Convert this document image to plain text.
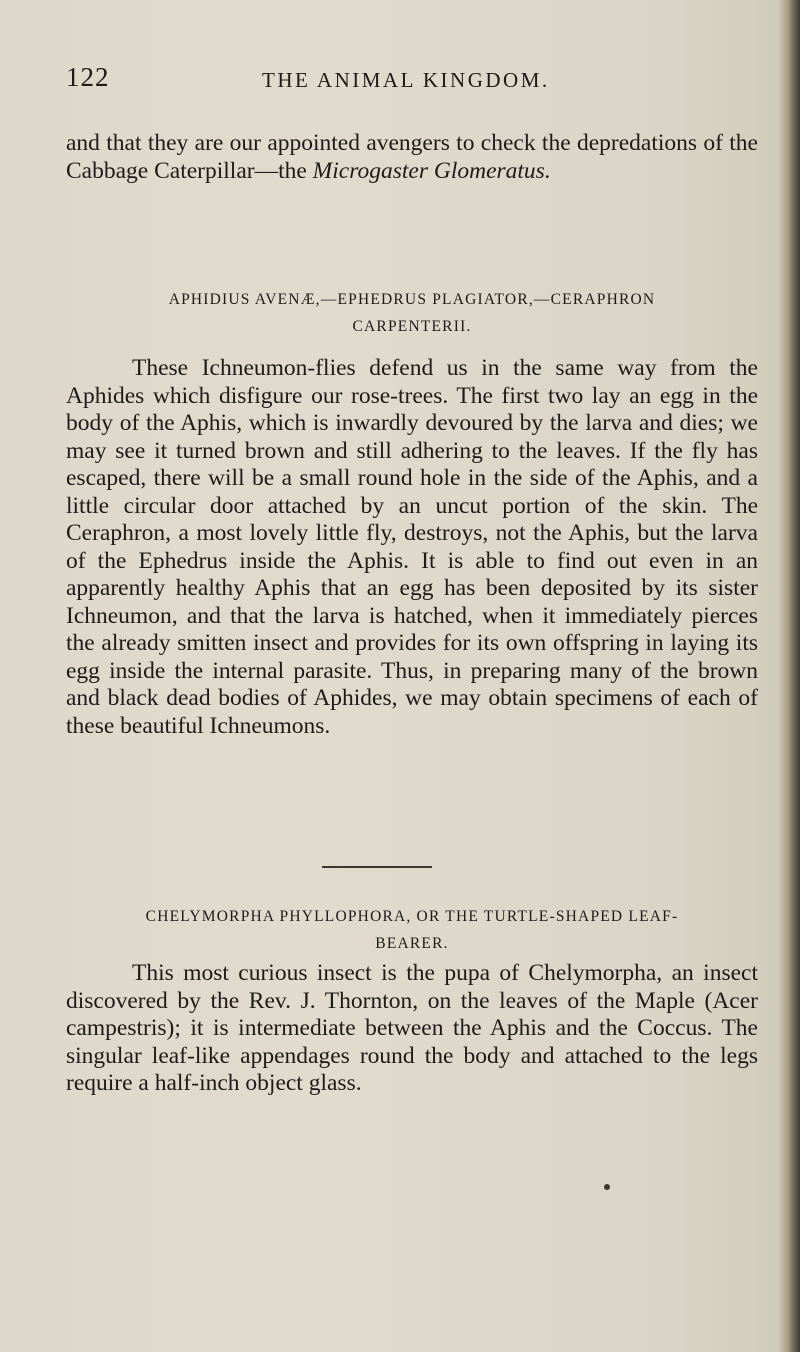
122	THE ANIMAL KINGDOM.
and that they are our appointed avengers to check the depredations of the Cabbage Caterpillar—the Microgaster Glomeratus.
APHIDIUS AVENÆ,—EPHEDRUS PLAGIATOR,—CERAPHRON
CARPENTERII.
These Ichneumon-flies defend us in the same way from the Aphides which disfigure our rose-trees. The first two lay an egg in the body of the Aphis, which is inwardly devoured by the larva and dies; we may see it turned brown and still adhering to the leaves. If the fly has escaped, there will be a small round hole in the side of the Aphis, and a little circular door attached by an uncut portion of the skin. The Ceraphron, a most lovely little fly, destroys, not the Aphis, but the larva of the Ephedrus inside the Aphis. It is able to find out even in an apparently healthy Aphis that an egg has been deposited by its sister Ichneumon, and that the larva is hatched, when it immediately pierces the already smitten insect and provides for its own offspring in laying its egg inside the internal parasite. Thus, in preparing many of the brown and black dead bodies of Aphides, we may obtain specimens of each of these beautiful Ichneumons.
CHELYMORPHA PHYLLOPHORA, OR THE TURTLE-SHAPED LEAF-
BEARER.
This most curious insect is the pupa of Chelymorpha, an insect discovered by the Rev. J. Thornton, on the leaves of the Maple (Acer campestris); it is intermediate between the Aphis and the Coccus. The singular leaf-like appendages round the body and attached to the legs require a half-inch object glass.
